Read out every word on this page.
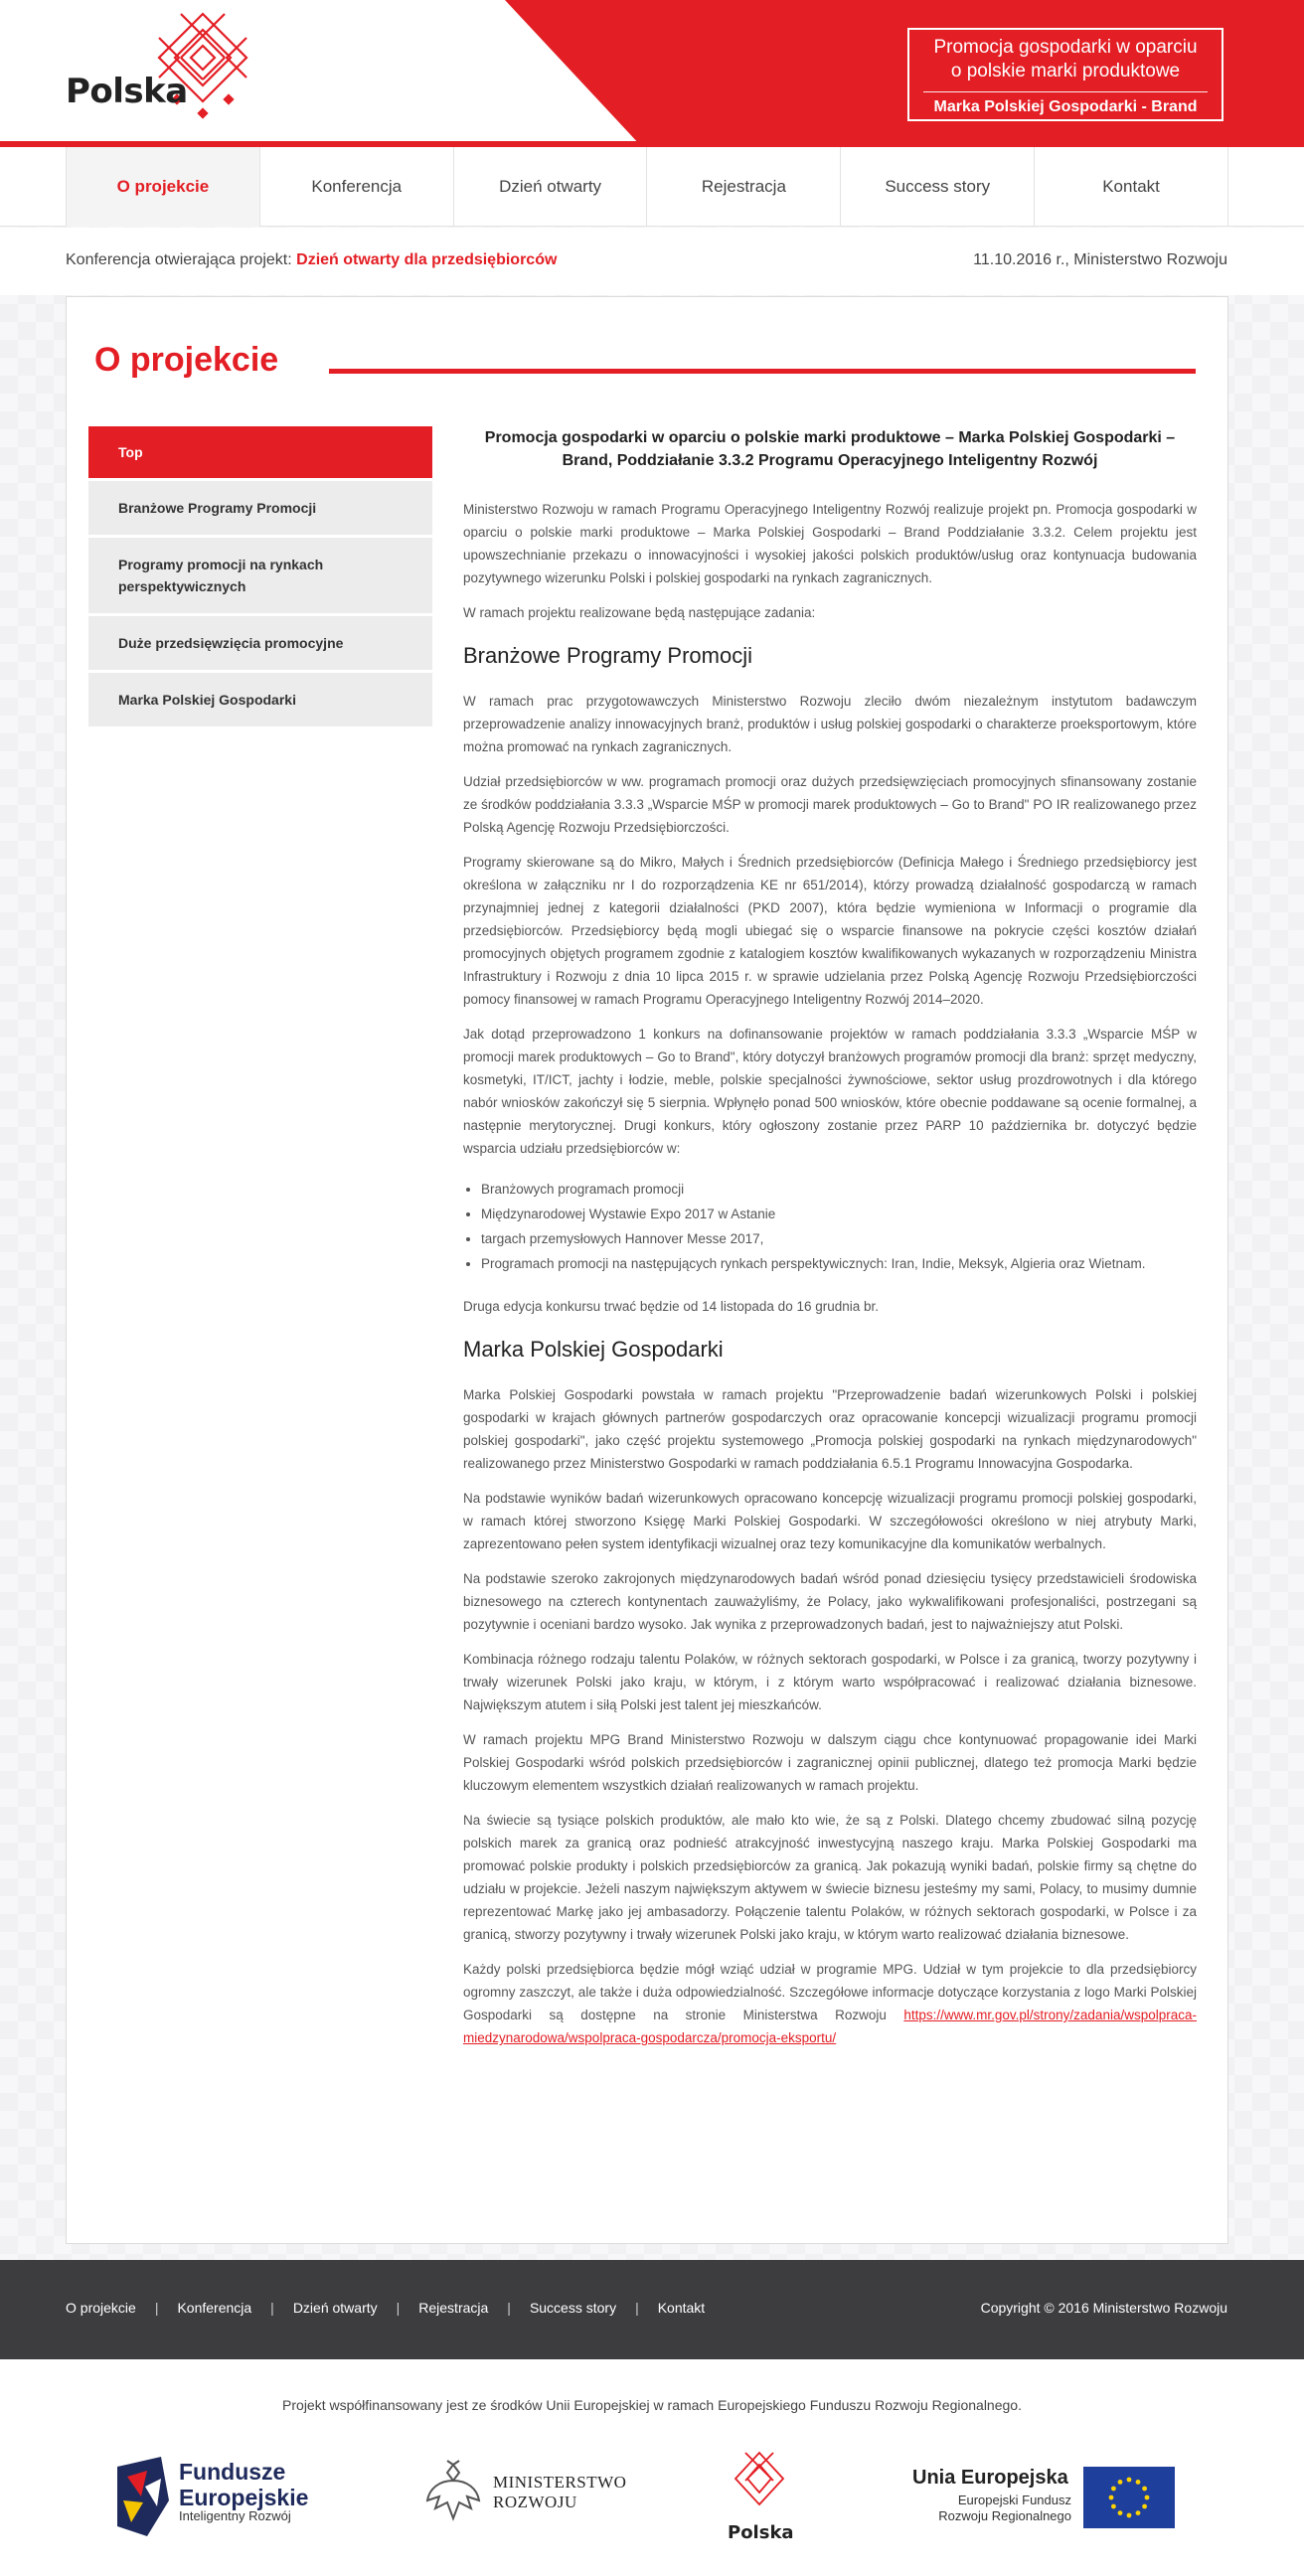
Polska
Promocja gospodarki w oparciu
o polskie marki produktowe
Marka Polskiej Gospodarki - Brand
O projekcie	Konferencja	Dzień otwarty	Rejestracja	Success story	Kontakt
Konferencja otwierająca projekt: Dzień otwarty dla przedsiębiorców	11.10.2016 r., Ministerstwo Rozwoju
O projekcie
Top
Branżowe Programy Promocji
Programy promocji na rynkach perspektywicznych
Duże przedsięwzięcia promocyjne
Marka Polskiej Gospodarki
Promocja gospodarki w oparciu o polskie marki produktowe – Marka Polskiej Gospodarki – Brand, Poddziałanie 3.3.2 Programu Operacyjnego Inteligentny Rozwój

Ministerstwo Rozwoju w ramach Programu Operacyjnego Inteligentny Rozwój realizuje projekt pn. Promocja gospodarki w oparciu o polskie marki produktowe – Marka Polskiej Gospodarki – Brand Poddziałanie 3.3.2. Celem projektu jest upowszechnianie przekazu o innowacyjności i wysokiej jakości polskich produktów/usług oraz kontynuacja budowania pozytywnego wizerunku Polski i polskiej gospodarki na rynkach zagranicznych.

W ramach projektu realizowane będą następujące zadania:

Branżowe Programy Promocji

W ramach prac przygotowawczych Ministerstwo Rozwoju zleciło dwóm niezależnym instytutom badawczym przeprowadzenie analizy innowacyjnych branż, produktów i usług polskiej gospodarki o charakterze proeksportowym, które można promować na rynkach zagranicznych.

Udział przedsiębiorców w ww. programach promocji oraz dużych przedsięwzięciach promocyjnych sfinansowany zostanie ze środków poddziałania 3.3.3 „Wsparcie MŚP w promocji marek produktowych – Go to Brand" PO IR realizowanego przez Polską Agencję Rozwoju Przedsiębiorczości.

Programy skierowane są do Mikro, Małych i Średnich przedsiębiorców (Definicja Małego i Średniego przedsiębiorcy jest określona w załączniku nr I do rozporządzenia KE nr 651/2014), którzy prowadzą działalność gospodarczą w ramach przynajmniej jednej z kategorii działalności (PKD 2007), która będzie wymieniona w Informacji o programie dla przedsiębiorców. Przedsiębiorcy będą mogli ubiegać się o wsparcie finansowe na pokrycie części kosztów działań promocyjnych objętych programem zgodnie z katalogiem kosztów kwalifikowanych wykazanych w rozporządzeniu Ministra Infrastruktury i Rozwoju z dnia 10 lipca 2015 r. w sprawie udzielania przez Polską Agencję Rozwoju Przedsiębiorczości pomocy finansowej w ramach Programu Operacyjnego Inteligentny Rozwój 2014–2020.

Jak dotąd przeprowadzono 1 konkurs na dofinansowanie projektów w ramach poddziałania 3.3.3 „Wsparcie MŚP w promocji marek produktowych – Go to Brand", który dotyczył branżowych programów promocji dla branż: sprzęt medyczny, kosmetyki, IT/ICT, jachty i łodzie, meble, polskie specjalności żywnościowe, sektor usług prozdrowotnych i dla którego nabór wniosków zakończył się 5 sierpnia. Wpłynęło ponad 500 wniosków, które obecnie poddawane są ocenie formalnej, a następnie merytorycznej. Drugi konkurs, który ogłoszony zostanie przez PARP 10 października br. dotyczyć będzie wsparcia udziału przedsiębiorców w:

• Branżowych programach promocji
• Międzynarodowej Wystawie Expo 2017 w Astanie
• targach przemysłowych Hannover Messe 2017,
• Programach promocji na następujących rynkach perspektywicznych: Iran, Indie, Meksyk, Algieria oraz Wietnam.

Druga edycja konkursu trwać będzie od 14 listopada do 16 grudnia br.

Marka Polskiej Gospodarki

Marka Polskiej Gospodarki powstała w ramach projektu "Przeprowadzenie badań wizerunkowych Polski i polskiej gospodarki w krajach głównych partnerów gospodarczych oraz opracowanie koncepcji wizualizacji programu promocji polskiej gospodarki", jako część projektu systemowego „Promocja polskiej gospodarki na rynkach międzynarodowych" realizowanego przez Ministerstwo Gospodarki w ramach poddziałania 6.5.1 Programu Innowacyjna Gospodarka.

Na podstawie wyników badań wizerunkowych opracowano koncepcję wizualizacji programu promocji polskiej gospodarki, w ramach której stworzono Księgę Marki Polskiej Gospodarki. W szczegółowości określono w niej atrybuty Marki, zaprezentowano pełen system identyfikacji wizualnej oraz tezy komunikacyjne dla komunikatów werbalnych.

Na podstawie szeroko zakrojonych międzynarodowych badań wśród ponad dziesięciu tysięcy przedstawicieli środowiska biznesowego na czterech kontynentach zauważyliśmy, że Polacy, jako wykwalifikowani profesjonaliści, postrzegani są pozytywnie i oceniani bardzo wysoko. Jak wynika z przeprowadzonych badań, jest to najważniejszy atut Polski.

Kombinacja różnego rodzaju talentu Polaków, w różnych sektorach gospodarki, w Polsce i za granicą, tworzy pozytywny i trwały wizerunek Polski jako kraju, w którym, i z którym warto współpracować i realizować działania biznesowe. Największym atutem i siłą Polski jest talent jej mieszkańców.

W ramach projektu MPG Brand Ministerstwo Rozwoju w dalszym ciągu chce kontynuować propagowanie idei Marki Polskiej Gospodarki wśród polskich przedsiębiorców i zagranicznej opinii publicznej, dlatego też promocja Marki będzie kluczowym elementem wszystkich działań realizowanych w ramach projektu.

Na świecie są tysiące polskich produktów, ale mało kto wie, że są z Polski. Dlatego chcemy zbudować silną pozycję polskich marek za granicą oraz podnieść atrakcyjność inwestycyjną naszego kraju. Marka Polskiej Gospodarki ma promować polskie produkty i polskich przedsiębiorców za granicą. Jak pokazują wyniki badań, polskie firmy są chętne do udziału w projekcie. Jeżeli naszym największym aktywem w świecie biznesu jesteśmy my sami, Polacy, to musimy dumnie reprezentować Markę jako jej ambasadorzy. Połączenie talentu Polaków, w różnych sektorach gospodarki, w Polsce i za granicą, stworzy pozytywny i trwały wizerunek Polski jako kraju, w którym warto realizować działania biznesowe.

Każdy polski przedsiębiorca będzie mógł wziąć udział w programie MPG. Udział w tym projekcie to dla przedsiębiorcy ogromny zaszczyt, ale także i duża odpowiedzialność. Szczegółowe informacje dotyczące korzystania z logo Marki Polskiej Gospodarki są dostępne na stronie Ministerstwa Rozwoju https://www.mr.gov.pl/strony/zadania/wspolpraca-miedzynarodowa/wspolpraca-gospodarcza/promocja-eksportu/

O projekcie	|	Konferencja	|	Dzień otwarty	|	Rejestracja	|	Success story	|	Kontakt	Copyright © 2016 Ministerstwo Rozwoju
Projekt współfinansowany jest ze środków Unii Europejskiej w ramach Europejskiego Funduszu Rozwoju Regionalnego.
Fundusze
Europejskie
Inteligentny Rozwój
MINISTERSTWO
ROZWOJU
Polska
Unia Europejska
Europejski Fundusz
Rozwoju Regionalnego
